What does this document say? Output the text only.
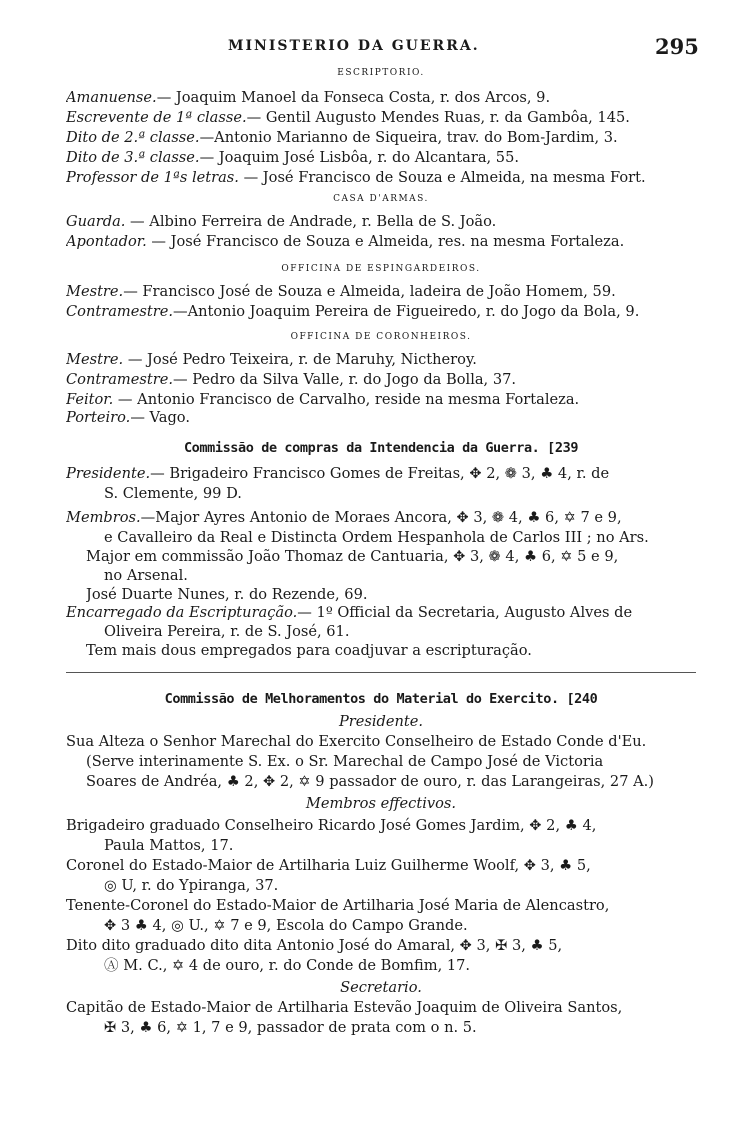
MINISTERIO DA GUERRA.	295
ESCRIPTORIO.
Amanuense.— Joaquim Manoel da Fonseca Costa, r. dos Arcos, 9.
Escrevente de 1ª classe.— Gentil Augusto Mendes Ruas, r. da Gambôa, 145.
Dito de 2.ª classe.—Antonio Marianno de Siqueira, trav. do Bom-Jardim, 3.
Dito de 3.ª classe.— Joaquim José Lisbôa, r. do Alcantara, 55.
Professor de 1ªs letras. — José Francisco de Souza e Almeida, na mesma Fort.
CASA D'ARMAS.
Guarda. — Albino Ferreira de Andrade, r. Bella de S. João.
Apontador. — José Francisco de Souza e Almeida, res. na mesma Fortaleza.
OFFICINA DE ESPINGARDEIROS.
Mestre.— Francisco José de Souza e Almeida, ladeira de João Homem, 59.
Contramestre.—Antonio Joaquim Pereira de Figueiredo, r. do Jogo da Bola, 9.
OFFICINA DE CORONHEIROS.
Mestre. — José Pedro Teixeira, r. de Maruhy, Nictheroy.
Contramestre.— Pedro da Silva Valle, r. do Jogo da Bolla, 37.
Feitor. — Antonio Francisco de Carvalho, reside na mesma Fortaleza.
Porteiro.— Vago.
Commissão de compras da Intendencia da Guerra. [239
Presidente.— Brigadeiro Francisco Gomes de Freitas, ✥ 2, ❁ 3, ♣ 4, r. de
S. Clemente, 99 D.
Membros.—Major Ayres Antonio de Moraes Ancora, ✥ 3, ❁ 4, ♣ 6, ✡ 7 e 9,
e Cavalleiro da Real e Distincta Ordem Hespanhola de Carlos III ; no Ars.
Major em commissão João Thomaz de Cantuaria, ✥ 3, ❁ 4, ♣ 6, ✡ 5 e 9,
no Arsenal.
José Duarte Nunes, r. do Rezende, 69.
Encarregado da Escripturação.— 1º Official da Secretaria, Augusto Alves de
Oliveira Pereira, r. de S. José, 61.
Tem mais dous empregados para coadjuvar a escripturação.
Commissão de Melhoramentos do Material do Exercito. [240
Presidente.
Sua Alteza o Senhor Marechal do Exercito Conselheiro de Estado Conde d'Eu.
(Serve interinamente S. Ex. o Sr. Marechal de Campo José de Victoria
Soares de Andréa, ♣ 2, ✥ 2, ✡ 9 passador de ouro, r. das Larangeiras, 27 A.)
Membros effectivos.
Brigadeiro graduado Conselheiro Ricardo José Gomes Jardim, ✥ 2, ♣ 4,
Paula Mattos, 17.
Coronel do Estado-Maior de Artilharia Luiz Guilherme Woolf, ✥ 3, ♣ 5,
◎ U, r. do Ypiranga, 37.
Tenente-Coronel do Estado-Maior de Artilharia José Maria de Alencastro,
✥ 3 ♣ 4, ◎ U., ✡ 7 e 9, Escola do Campo Grande.
Dito dito graduado dito dita Antonio José do Amaral, ✥ 3, ✠ 3, ♣ 5,
Ⓐ M. C., ✡ 4 de ouro, r. do Conde de Bomfim, 17.
Secretario.
Capitão de Estado-Maior de Artilharia Estevão Joaquim de Oliveira Santos,
✠ 3, ♣ 6, ✡ 1, 7 e 9, passador de prata com o n. 5.
